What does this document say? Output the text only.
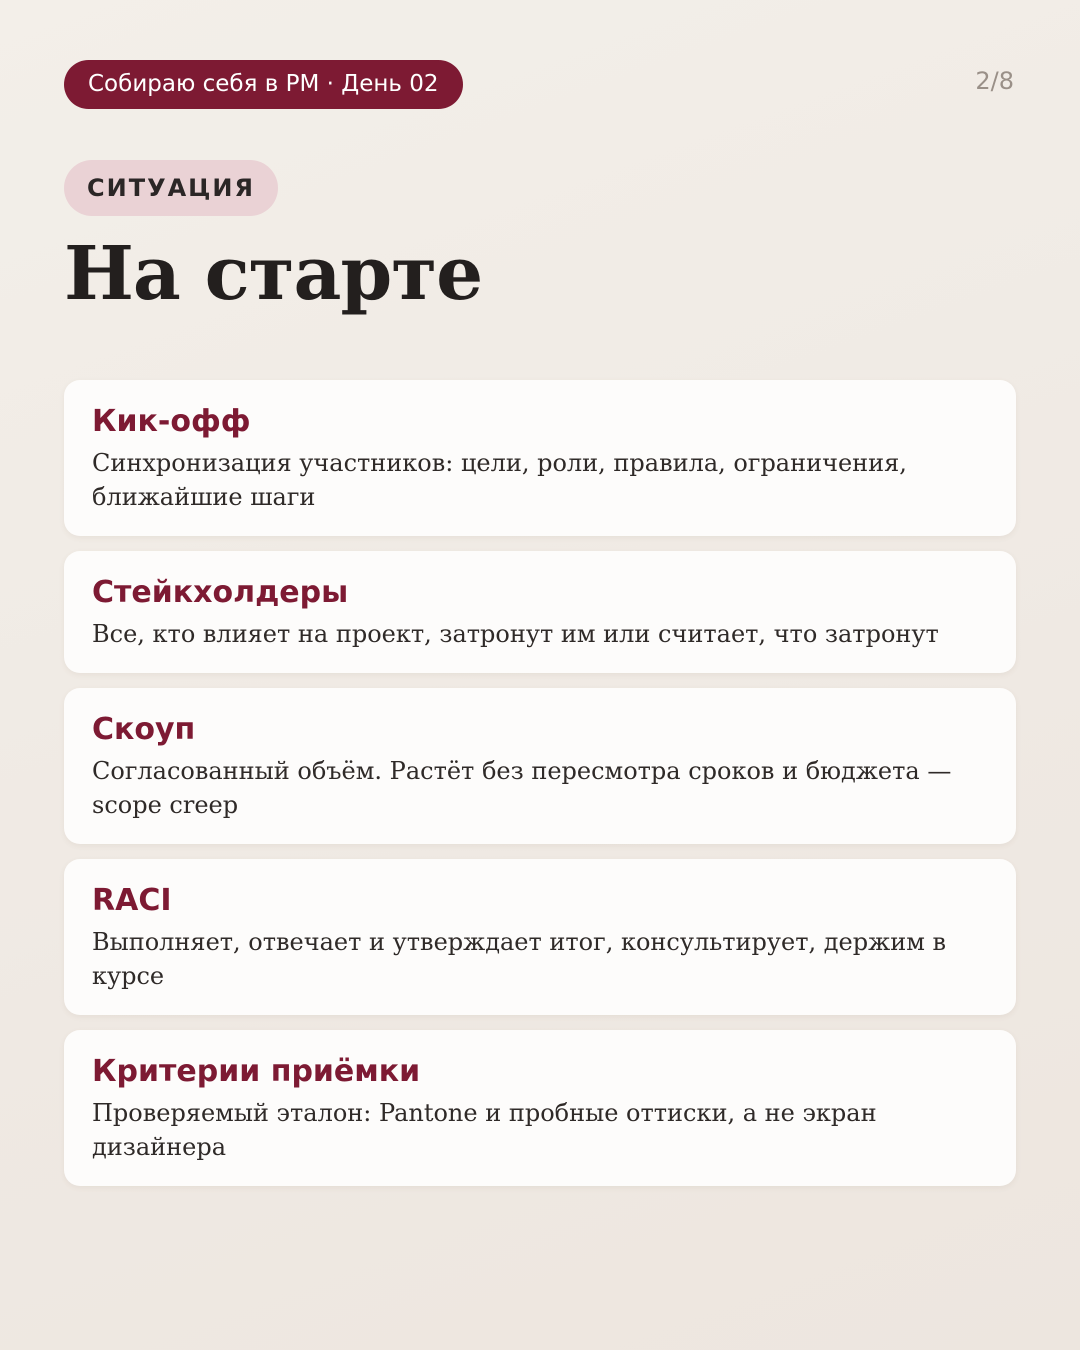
Собираю себя в PM · День 02	2/8
СИТУАЦИЯ
На старте
Кик-офф
Синхронизация участников: цели, роли, правила, ограничения, ближайшие шаги
Стейкхолдеры
Все, кто влияет на проект, затронут им или считает, что затронут
Скоуп
Согласованный объём. Растёт без пересмотра сроков и бюджета — scope creep
RACI
Выполняет, отвечает и утверждает итог, консультирует, держим в курсе
Критерии приёмки
Проверяемый эталон: Pantone и пробные оттиски, а не экран дизайнера
